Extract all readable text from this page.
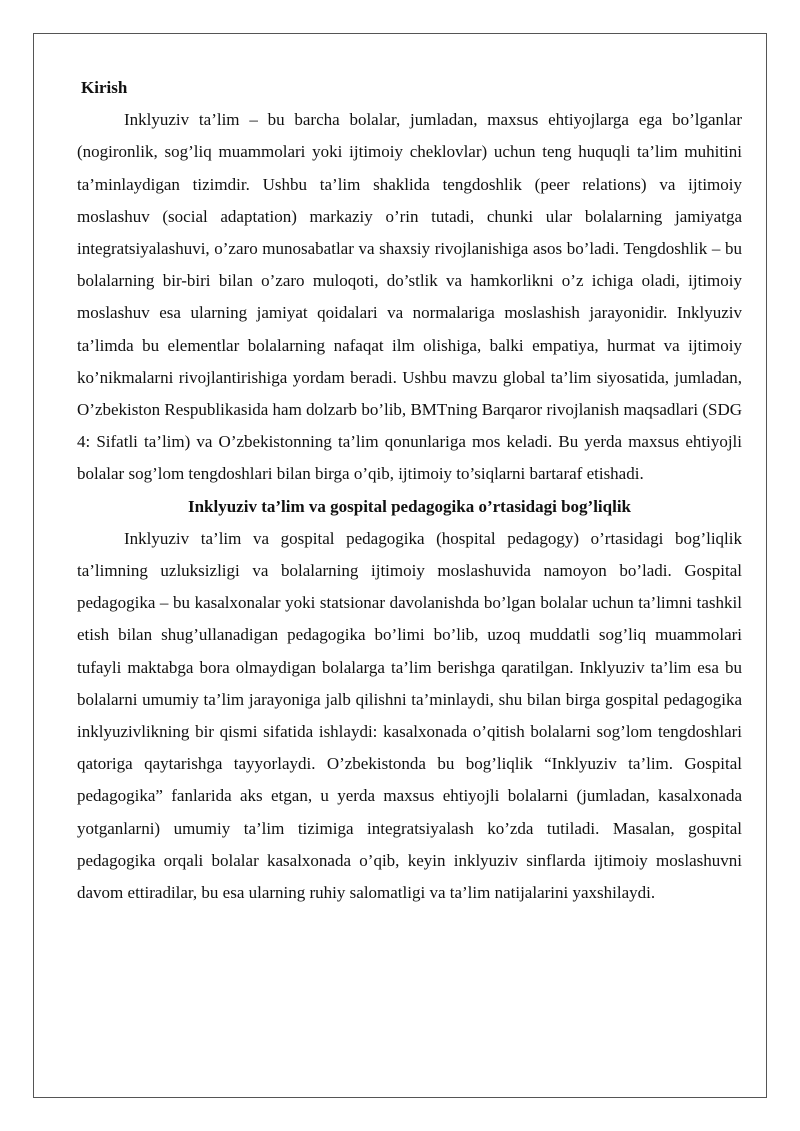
Kirish

Inklyuziv ta’lim – bu barcha bolalar, jumladan, maxsus ehtiyojlarga ega bo’lganlar (nogironlik, sog’liq muammolari yoki ijtimoiy cheklovlar) uchun teng huquqli ta’lim muhitini ta’minlaydigan tizimdir. Ushbu ta’lim shaklida tengdoshlik (peer relations) va ijtimoiy moslashuv (social adaptation) markaziy o’rin tutadi, chunki ular bolalarning jamiyatga integratsiyalashuvi, o’zaro munosabatlar va shaxsiy rivojlanishiga asos bo’ladi. Tengdoshlik – bu bolalarning bir-biri bilan o’zaro muloqoti, do’stlik va hamkorlikni o’z ichiga oladi, ijtimoiy moslashuv esa ularning jamiyat qoidalari va normalariga moslashish jarayonidir. Inklyuziv ta’limda bu elementlar bolalarning nafaqat ilm olishiga, balki empatiya, hurmat va ijtimoiy ko’nikmalarni rivojlantirishiga yordam beradi. Ushbu mavzu global ta’lim siyosatida, jumladan, O’zbekiston Respublikasida ham dolzarb bo’lib, BMTning Barqaror rivojlanish maqsadlari (SDG 4: Sifatli ta’lim) va O’zbekistonning ta’lim qonunlariga mos keladi. Bu yerda maxsus ehtiyojli bolalar sog’lom tengdoshlari bilan birga o’qib, ijtimoiy to’siqlarni bartaraf etishadi.

Inklyuziv ta’lim va gospital pedagogika o’rtasidagi bog’liqlik

Inklyuziv ta’lim va gospital pedagogika (hospital pedagogy) o’rtasidagi bog’liqlik ta’limning uzluksizligi va bolalarning ijtimoiy moslashuvida namoyon bo’ladi. Gospital pedagogika – bu kasalxonalar yoki statsionar davolanishda bo’lgan bolalar uchun ta’limni tashkil etish bilan shug’ullanadigan pedagogika bo’limi bo’lib, uzoq muddatli sog’liq muammolari tufayli maktabga bora olmaydigan bolalarga ta’lim berishga qaratilgan. Inklyuziv ta’lim esa bu bolalarni umumiy ta’lim jarayoniga jalb qilishni ta’minlaydi, shu bilan birga gospital pedagogika inklyuzivlikning bir qismi sifatida ishlaydi: kasalxonada o’qitish bolalarni sog’lom tengdoshlari qatoriga qaytarishga tayyorlaydi. O’zbekistonda bu bog’liqlik “Inklyuziv ta’lim. Gospital pedagogika” fanlarida aks etgan, u yerda maxsus ehtiyojli bolalarni (jumladan, kasalxonada yotganlarni) umumiy ta’lim tizimiga integratsiyalash ko’zda tutiladi. Masalan, gospital pedagogika orqali bolalar kasalxonada o’qib, keyin inklyuziv sinflarda ijtimoiy moslashuvni davom ettiradilar, bu esa ularning ruhiy salomatligi va ta’lim natijalarini yaxshilaydi.
